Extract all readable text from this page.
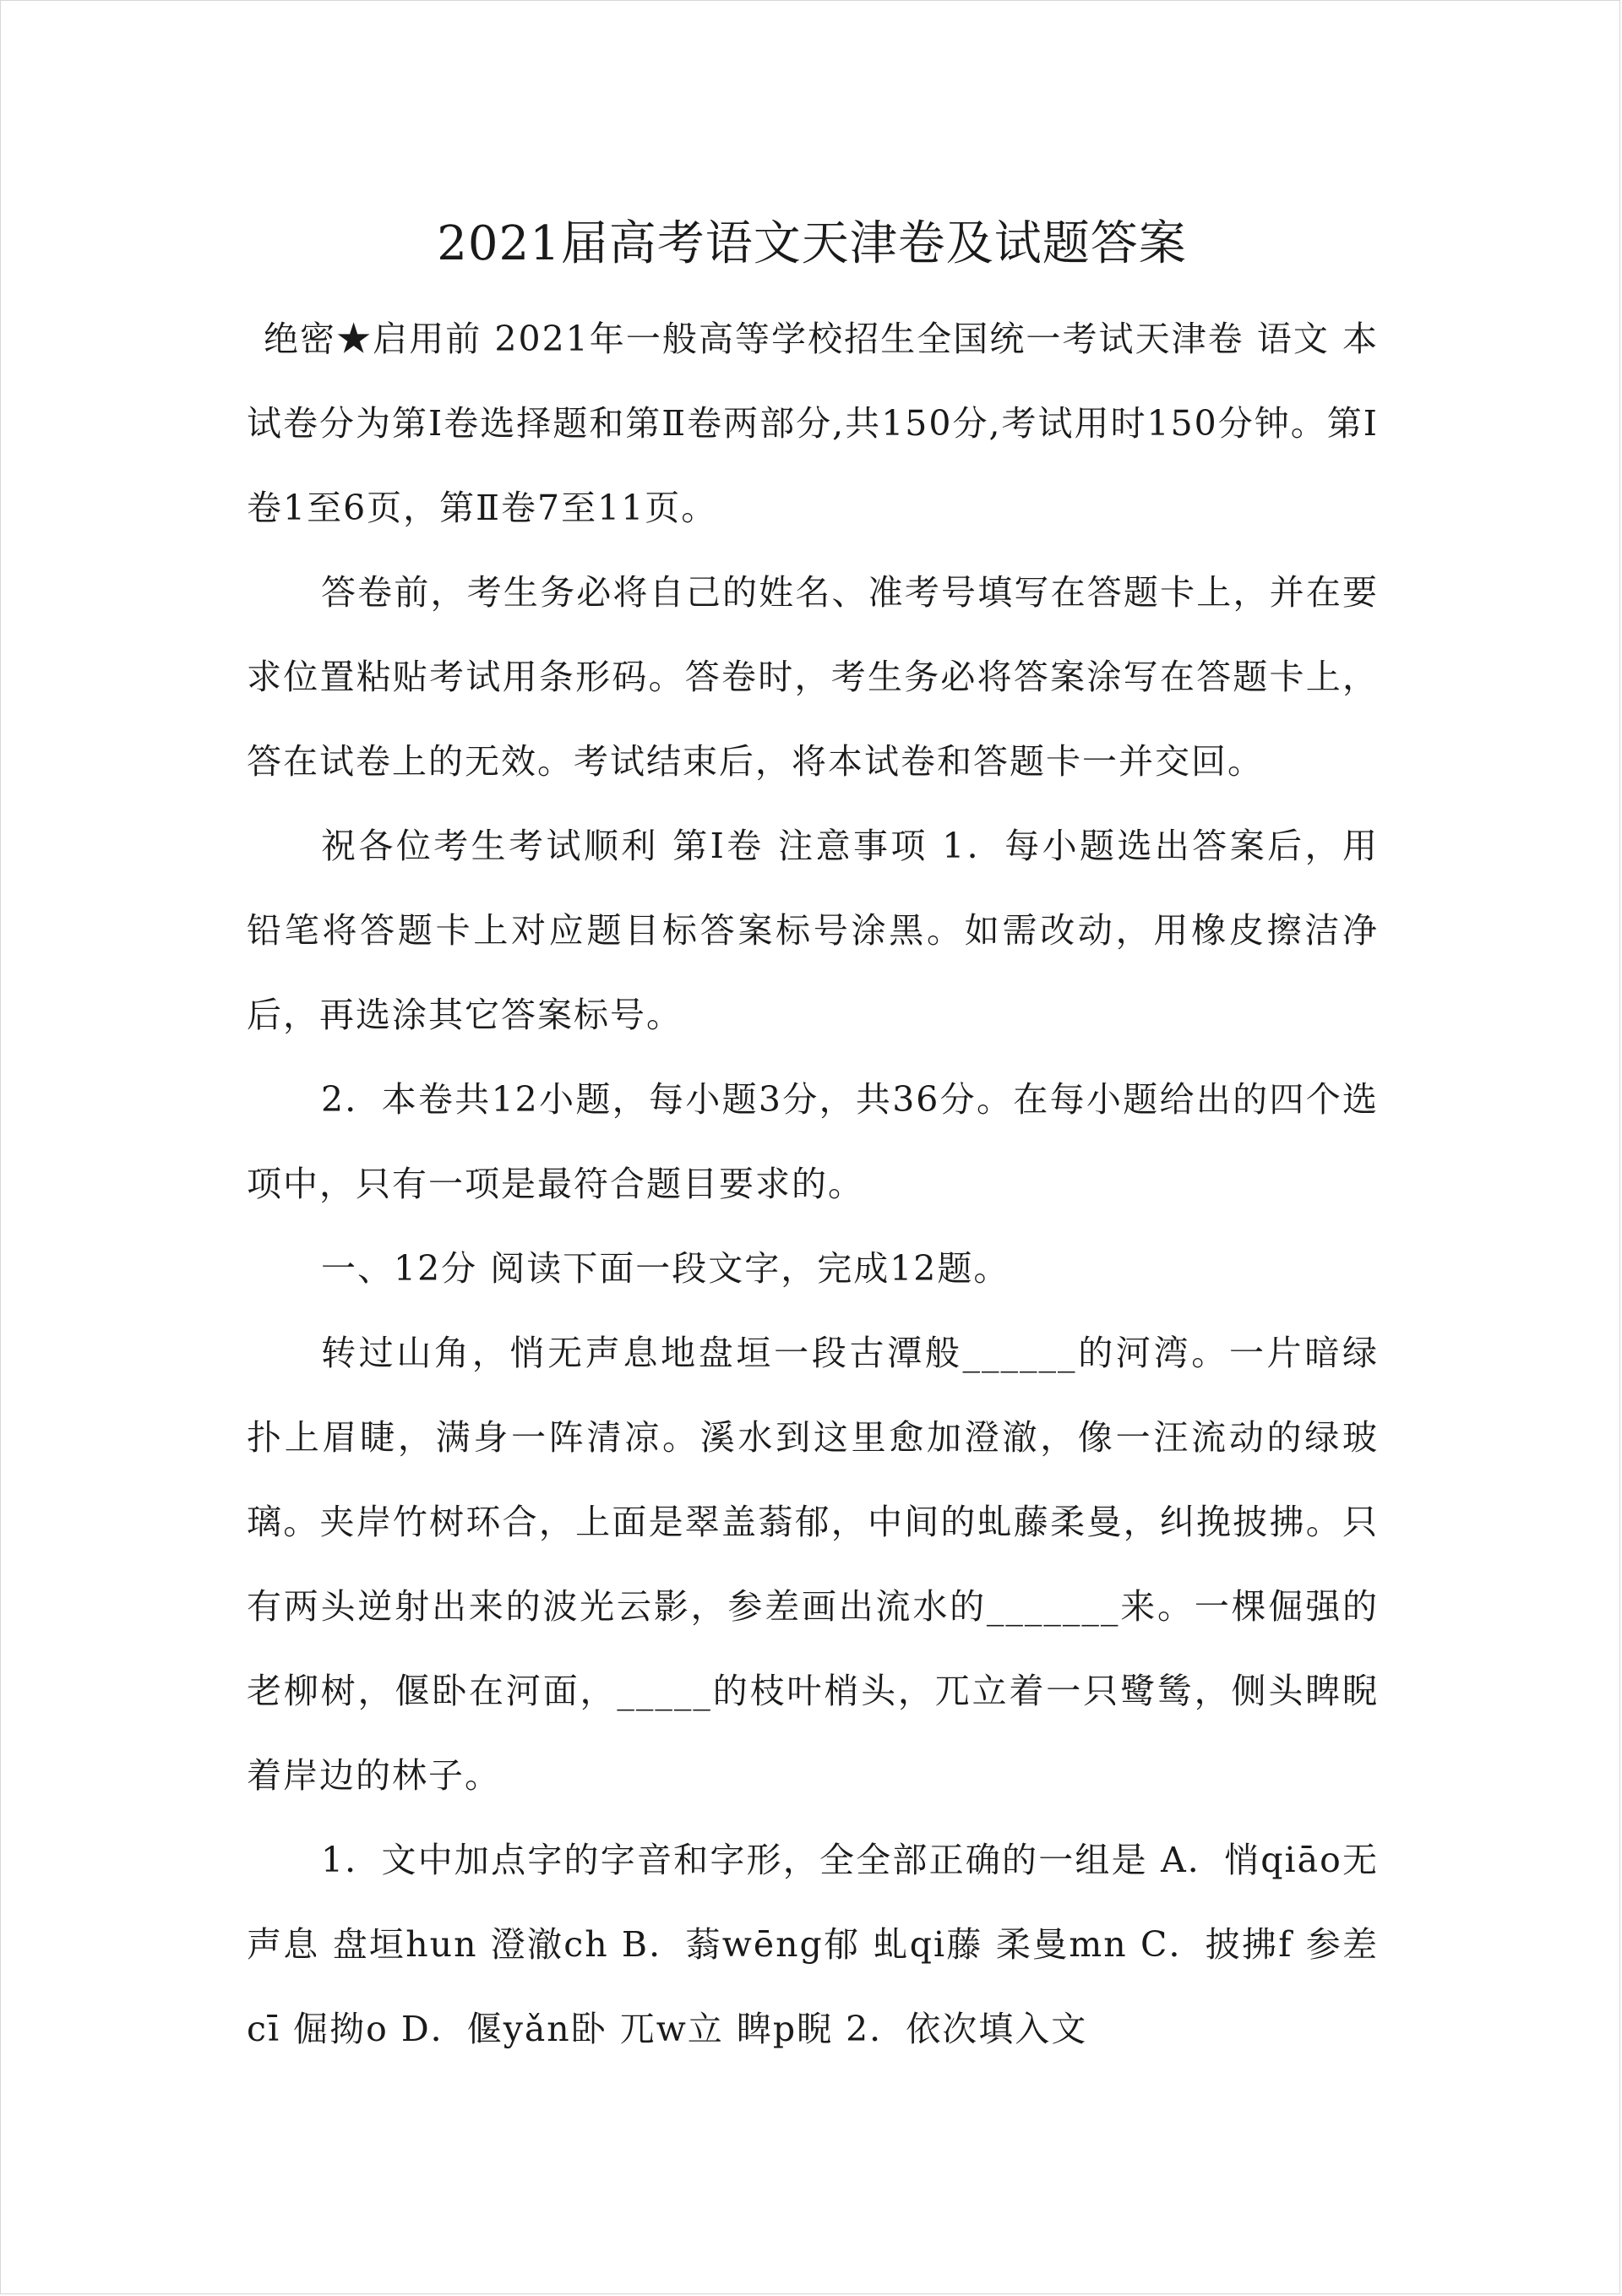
2021届高考语文天津卷及试题答案

绝密★启用前 2021年一般高等学校招生全国统一考试天津卷 语文 本试卷分为第Ⅰ卷选择题和第Ⅱ卷两部分,共150分,考试用时150分钟。第Ⅰ卷1至6页，第Ⅱ卷7至11页。

答卷前，考生务必将自己的姓名、准考号填写在答题卡上，并在要求位置粘贴考试用条形码。答卷时，考生务必将答案涂写在答题卡上，答在试卷上的无效。考试结束后，将本试卷和答题卡一并交回。

祝各位考生考试顺利 第Ⅰ卷 注意事项 1．每小题选出答案后，用铅笔将答题卡上对应题目标答案标号涂黑。如需改动，用橡皮擦洁净后，再选涂其它答案标号。

2．本卷共12小题，每小题3分，共36分。在每小题给出的四个选项中，只有一项是最符合题目要求的。

一、12分 阅读下面一段文字，完成12题。

转过山角，悄无声息地盘垣一段古潭般______的河湾。一片暗绿扑上眉睫，满身一阵清凉。溪水到这里愈加澄澈，像一汪流动的绿玻璃。夹岸竹树环合，上面是翠盖蓊郁，中间的虬藤柔曼，纠挽披拂。只有两头逆射出来的波光云影，参差画出流水的_______来。一棵倔强的老柳树，偃卧在河面，_____的枝叶梢头，兀立着一只鹭鸶，侧头睥睨着岸边的林子。

1．文中加点字的字音和字形，全全部正确的一组是 A．悄qiāo无声息 盘垣hun 澄澈ch B．蓊wēng郁 虬qi藤 柔曼mn C．披拂f 参差cī 倔拗o D．偃yǎn卧 兀w立 睥p睨 2．依次填入文
